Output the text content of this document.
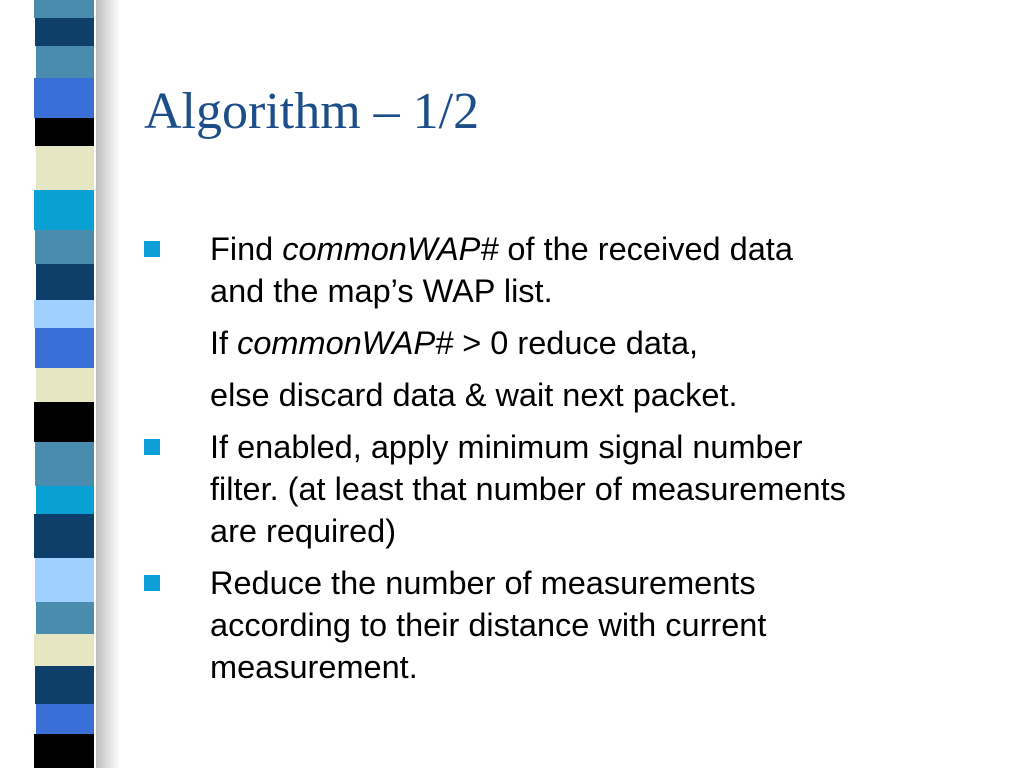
Algorithm – 1/2
Find commonWAP# of the received data
and the map’s WAP list.
If commonWAP# > 0 reduce data,
else discard data & wait next packet.
If enabled, apply minimum signal number
filter. (at least that number of measurements
are required)
Reduce the number of measurements
according to their distance with current
measurement.
